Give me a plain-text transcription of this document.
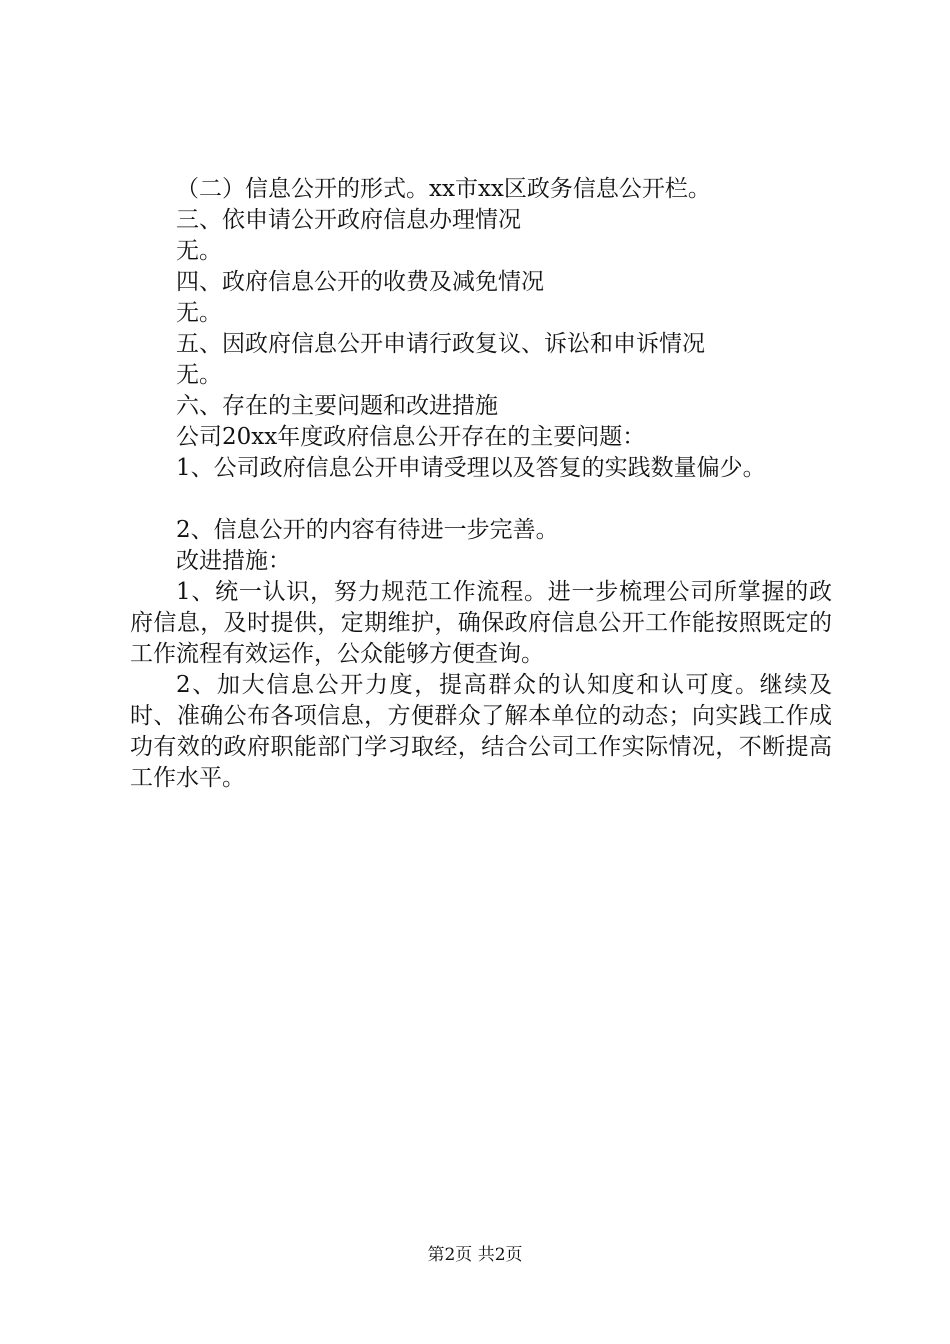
（二）信息公开的形式。xx市xx区政务信息公开栏。
三、依申请公开政府信息办理情况
无。
四、政府信息公开的收费及减免情况
无。
五、因政府信息公开申请行政复议、诉讼和申诉情况
无。
六、存在的主要问题和改进措施
公司20xx年度政府信息公开存在的主要问题：
1、公司政府信息公开申请受理以及答复的实践数量偏少。
2、信息公开的内容有待进一步完善。
改进措施：
1、统一认识，努力规范工作流程。进一步梳理公司所掌握的政府信息，及时提供，定期维护，确保政府信息公开工作能按照既定的工作流程有效运作，公众能够方便查询。
2、加大信息公开力度，提高群众的认知度和认可度。继续及时、准确公布各项信息，方便群众了解本单位的动态；向实践工作成功有效的政府职能部门学习取经，结合公司工作实际情况，不断提高工作水平。
第2页 共2页
